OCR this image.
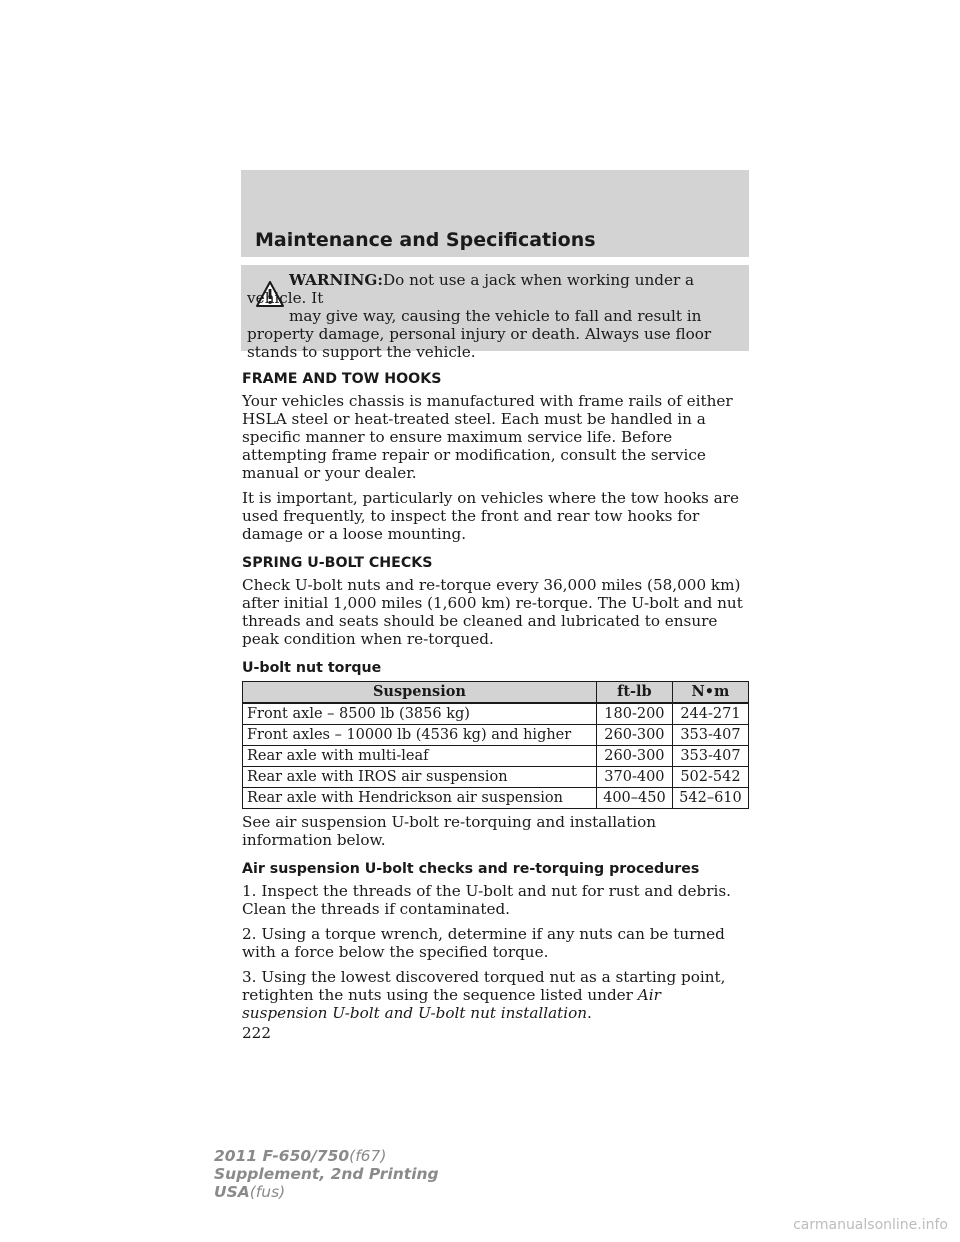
Maintenance and Specifications
WARNING:Do not use a jack when working under a vehicle. It
may give way, causing the vehicle to fall and result in property damage, personal injury or death. Always use floor stands to support the vehicle.
FRAME AND TOW HOOKS

Your vehicles chassis is manufactured with frame rails of either HSLA steel or heat-treated steel. Each must be handled in a specific manner to ensure maximum service life. Before attempting frame repair or modification, consult the service manual or your dealer.

It is important, particularly on vehicles where the tow hooks are used frequently, to inspect the front and rear tow hooks for damage or a loose mounting.

SPRING U-BOLT CHECKS

Check U-bolt nuts and re-torque every 36,000 miles (58,000 km) after initial 1,000 miles (1,600 km) re-torque. The U-bolt and nut threads and seats should be cleaned and lubricated to ensure peak condition when re-torqued.

U-bolt nut torque
Suspension	ft-lb	N•m
Front axle – 8500 lb (3856 kg)	180-200	244-271
Front axles – 10000 lb (4536 kg) and higher	260-300	353-407
Rear axle with multi-leaf	260-300	353-407
Rear axle with IROS air suspension	370-400	502-542
Rear axle with Hendrickson air suspension	400–450	542–610

See air suspension U-bolt re-torquing and installation information below.

Air suspension U-bolt checks and re-torquing procedures

1. Inspect the threads of the U-bolt and nut for rust and debris. Clean the threads if contaminated.

2. Using a torque wrench, determine if any nuts can be turned with a force below the specified torque.

3. Using the lowest discovered torqued nut as a starting point, retighten the nuts using the sequence listed under Air suspension U-bolt and U-bolt nut installation.

222
2011 F-650/750(f67)
Supplement, 2nd Printing
USA(fus)
carmanualsonline.info
